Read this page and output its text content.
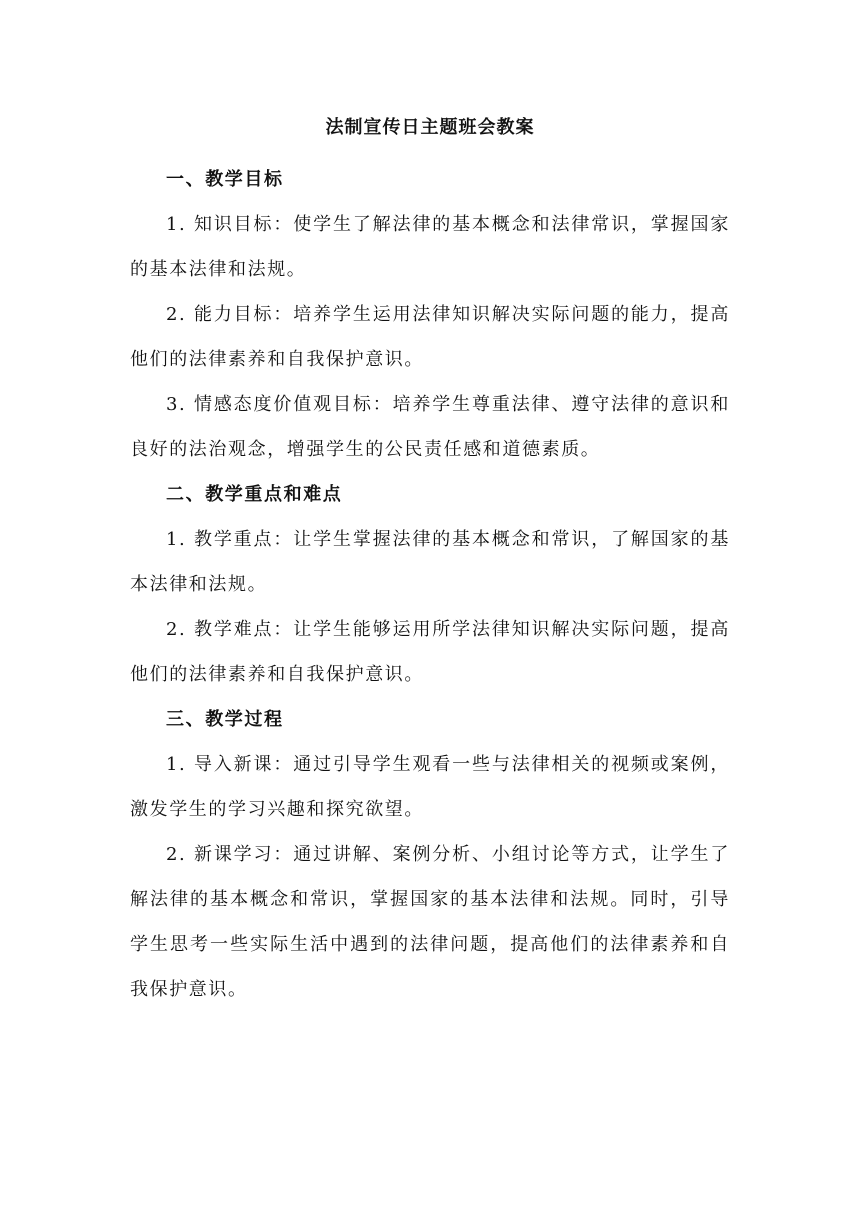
法制宣传日主题班会教案
一、教学目标

1. 知识目标：使学生了解法律的基本概念和法律常识，掌握国家的基本法律和法规。

2. 能力目标：培养学生运用法律知识解决实际问题的能力，提高他们的法律素养和自我保护意识。

3. 情感态度价值观目标：培养学生尊重法律、遵守法律的意识和良好的法治观念，增强学生的公民责任感和道德素质。

二、教学重点和难点

1. 教学重点：让学生掌握法律的基本概念和常识，了解国家的基本法律和法规。

2. 教学难点：让学生能够运用所学法律知识解决实际问题，提高他们的法律素养和自我保护意识。

三、教学过程

1. 导入新课：通过引导学生观看一些与法律相关的视频或案例，激发学生的学习兴趣和探究欲望。

2. 新课学习：通过讲解、案例分析、小组讨论等方式，让学生了解法律的基本概念和常识，掌握国家的基本法律和法规。同时，引导学生思考一些实际生活中遇到的法律问题，提高他们的法律素养和自我保护意识。
